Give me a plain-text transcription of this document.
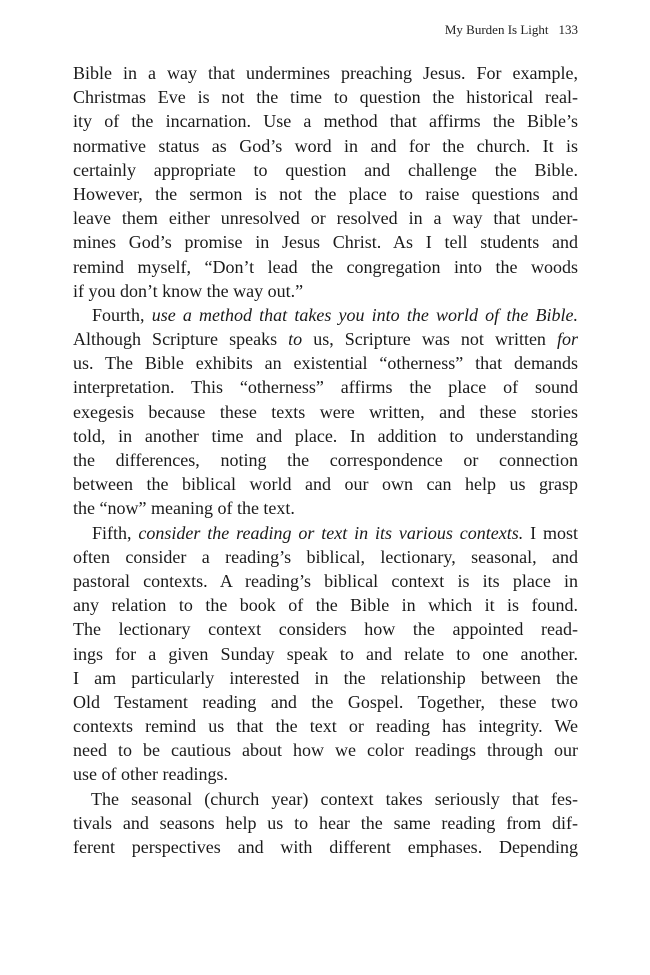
My Burden Is Light 133
Bible in a way that undermines preaching Jesus. For example,
Christmas Eve is not the time to question the historical real-
ity of the incarnation. Use a method that affirms the Bible’s
normative status as God’s word in and for the church. It is
certainly appropriate to question and challenge the Bible.
However, the sermon is not the place to raise questions and
leave them either unresolved or resolved in a way that under-
mines God’s promise in Jesus Christ. As I tell students and
remind myself, “Don’t lead the congregation into the woods
if you don’t know the way out.”
Fourth, use a method that takes you into the world of the Bible.
Although Scripture speaks to us, Scripture was not written for
us. The Bible exhibits an existential “otherness” that demands
interpretation. This “otherness” affirms the place of sound
exegesis because these texts were written, and these stories
told, in another time and place. In addition to understanding
the differences, noting the correspondence or connection
between the biblical world and our own can help us grasp
the “now” meaning of the text.
Fifth, consider the reading or text in its various contexts. I most
often consider a reading’s biblical, lectionary, seasonal, and
pastoral contexts. A reading’s biblical context is its place in
any relation to the book of the Bible in which it is found.
The lectionary context considers how the appointed read-
ings for a given Sunday speak to and relate to one another.
I am particularly interested in the relationship between the
Old Testament reading and the Gospel. Together, these two
contexts remind us that the text or reading has integrity. We
need to be cautious about how we color readings through our
use of other readings.
The seasonal (church year) context takes seriously that fes-
tivals and seasons help us to hear the same reading from dif-
ferent perspectives and with different emphases. Depending
